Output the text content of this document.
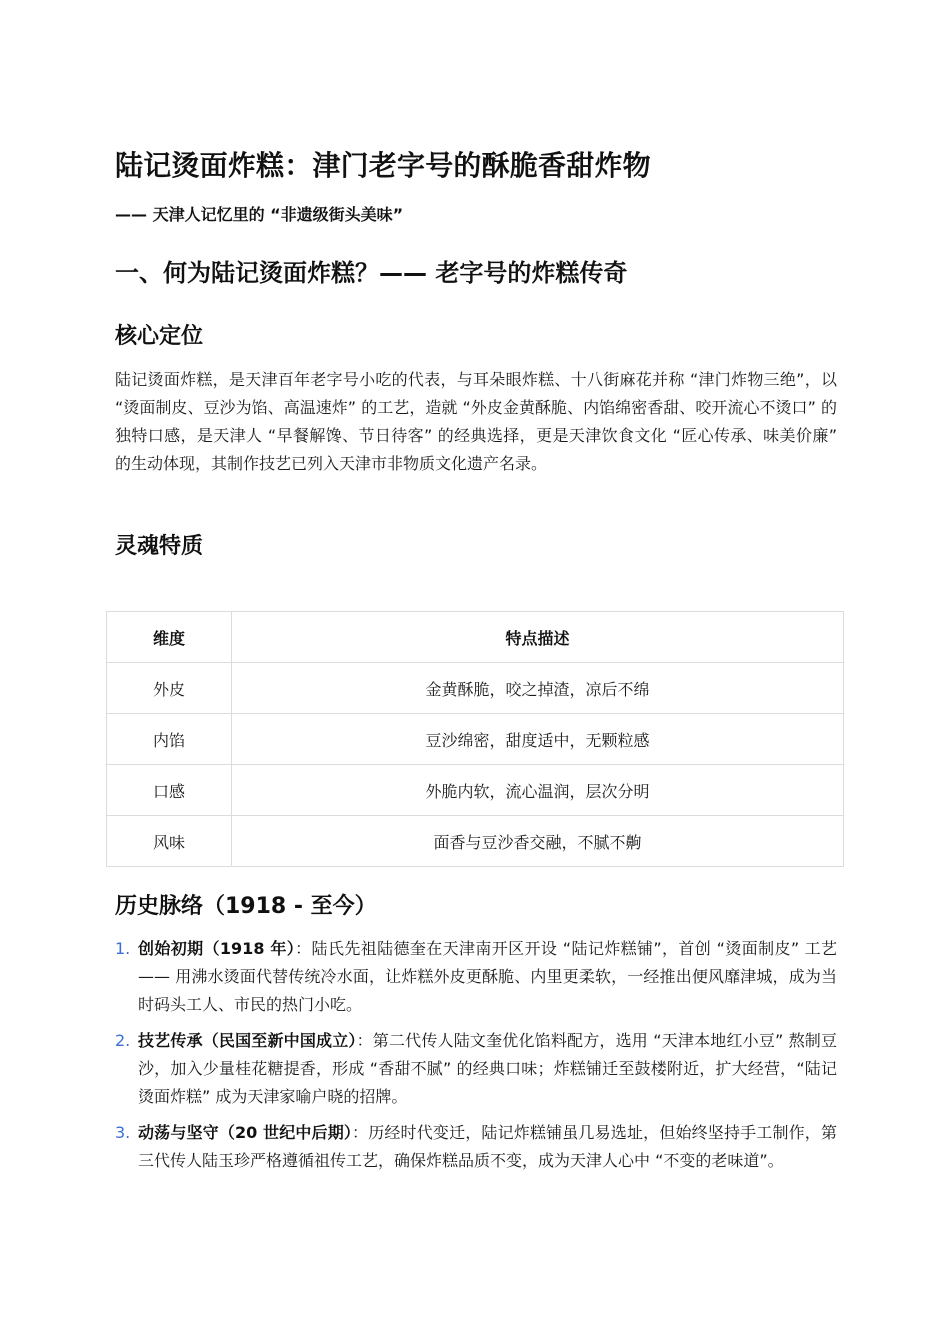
陆记烫面炸糕：津门老字号的酥脆香甜炸物

—— 天津人记忆里的 “非遗级街头美味”

一、何为陆记烫面炸糕？—— 老字号的炸糕传奇
核心定位

陆记烫面炸糕，是天津百年老字号小吃的代表，与耳朵眼炸糕、十八街麻花并称 “津门炸物三绝”，以 “烫面制皮、豆沙为馅、高温速炸” 的工艺，造就 “外皮金黄酥脆、内馅绵密香甜、咬开流心不烫口” 的独特口感，是天津人 “早餐解馋、节日待客” 的经典选择，更是天津饮食文化 “匠心传承、味美价廉” 的生动体现，其制作技艺已列入天津市非物质文化遗产名录。

灵魂特质
维度	特点描述
外皮	金黄酥脆，咬之掉渣，凉后不绵
内馅	豆沙绵密，甜度适中，无颗粒感
口感	外脆内软，流心温润，层次分明
风味	面香与豆沙香交融，不腻不齁
历史脉络（1918 - 至今）
1. 创始初期（1918 年）：陆氏先祖陆德奎在天津南开区开设 “陆记炸糕铺”，首创 “烫面制皮” 工艺 —— 用沸水烫面代替传统冷水面，让炸糕外皮更酥脆、内里更柔软，一经推出便风靡津城，成为当时码头工人、市民的热门小吃。
2. 技艺传承（民国至新中国成立）：第二代传人陆文奎优化馅料配方，选用 “天津本地红小豆” 熬制豆沙，加入少量桂花糖提香，形成 “香甜不腻” 的经典口味；炸糕铺迁至鼓楼附近，扩大经营，“陆记烫面炸糕” 成为天津家喻户晓的招牌。
3. 动荡与坚守（20 世纪中后期）：历经时代变迁，陆记炸糕铺虽几易选址，但始终坚持手工制作，第三代传人陆玉珍严格遵循祖传工艺，确保炸糕品质不变，成为天津人心中 “不变的老味道”。
